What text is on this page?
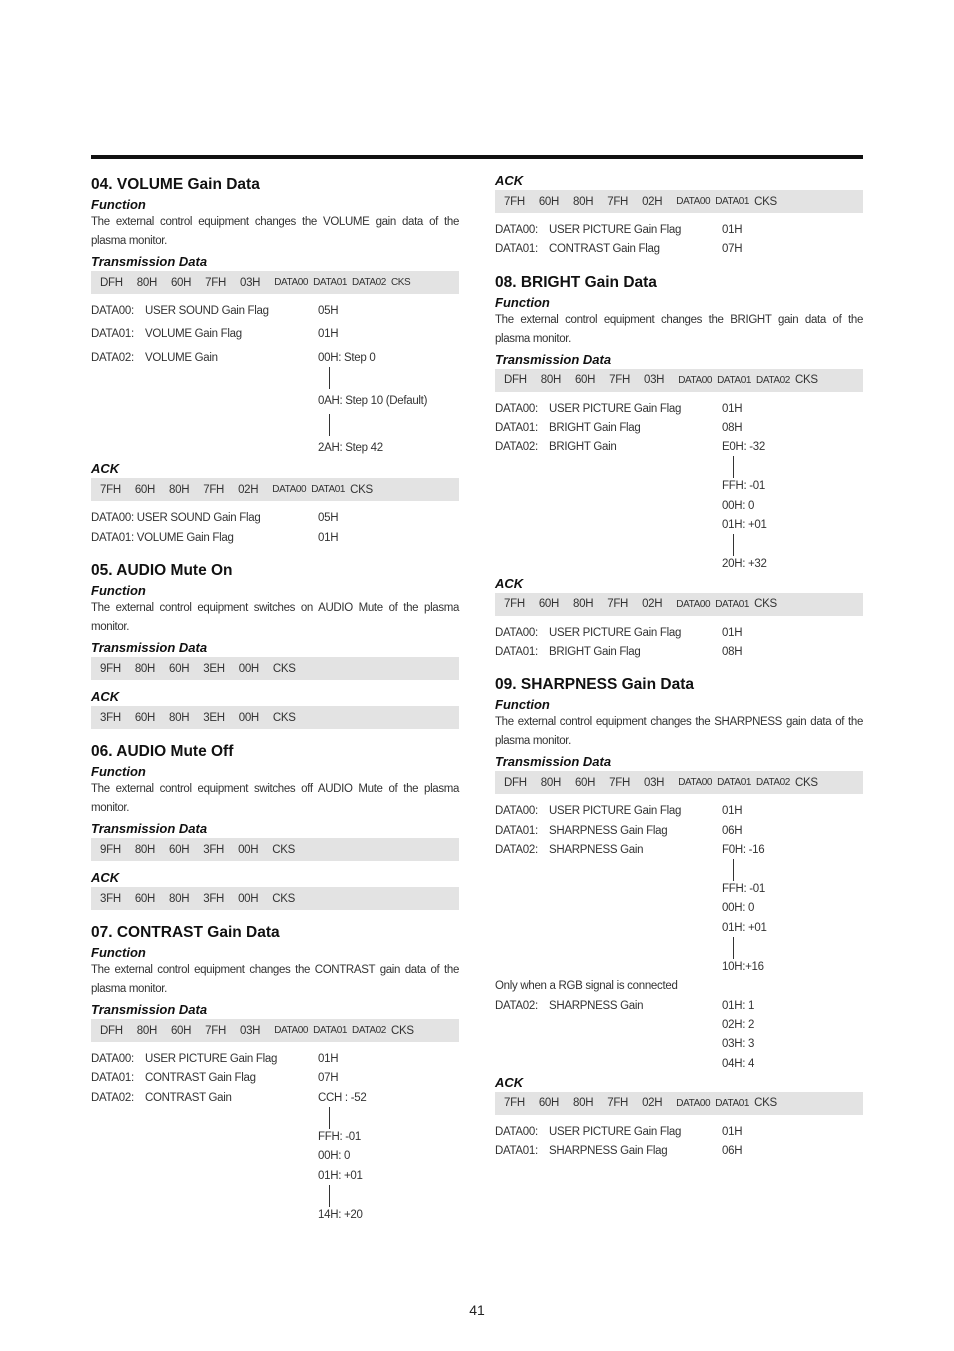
04. VOLUME Gain Data

Function

The external control equipment changes the VOLUME gain data of the plasma monitor.

Transmission Data

DFH 80H 60H 7FH 03H DATA00 DATA01 DATA02 CKS
DATA00: USER SOUND Gain Flag	05H
DATA01: VOLUME Gain Flag	01H
DATA02: VOLUME Gain	00H: Step 0
0AH: Step 10 (Default)
2AH: Step 42

ACK

7FH 60H 80H 7FH 02H DATA00 DATA01 CKS
DATA00: USER SOUND Gain Flag	05H
DATA01: VOLUME Gain Flag	01H
05. AUDIO Mute On

Function

The external control equipment switches on AUDIO Mute of the plasma monitor.

Transmission Data

9FH 80H 60H 3EH 00H CKS

ACK

3FH 60H 80H 3EH 00H CKS
06. AUDIO Mute Off

Function

The external control equipment switches off AUDIO Mute of the plasma monitor.

Transmission Data

9FH 80H 60H 3FH 00H CKS

ACK

3FH 60H 80H 3FH 00H CKS
07. CONTRAST Gain Data

Function

The external control equipment changes the CONTRAST gain data of the plasma monitor.

Transmission Data

DFH 80H 60H 7FH 03H DATA00 DATA01 DATA02 CKS
DATA00: USER PICTURE Gain Flag	01H
DATA01: CONTRAST Gain Flag	07H
DATA02: CONTRAST Gain	CCH : -52
FFH: -01
00H: 0
01H: +01
14H: +20

ACK

7FH 60H 80H 7FH 02H DATA00 DATA01 CKS
DATA00: USER PICTURE Gain Flag	01H
DATA01: CONTRAST Gain Flag	07H
08. BRIGHT Gain Data

Function

The external control equipment changes the BRIGHT gain data of the plasma monitor.

Transmission Data

DFH 80H 60H 7FH 03H DATA00 DATA01 DATA02 CKS
DATA00: USER PICTURE Gain Flag	01H
DATA01: BRIGHT Gain Flag	08H
DATA02: BRIGHT Gain	E0H: -32
FFH: -01
00H: 0
01H: +01
20H: +32

ACK

7FH 60H 80H 7FH 02H DATA00 DATA01 CKS
DATA00: USER PICTURE Gain Flag	01H
DATA01: BRIGHT Gain Flag	08H
09. SHARPNESS Gain Data

Function

The external control equipment changes the SHARPNESS gain data of the plasma monitor.

Transmission Data

DFH 80H 60H 7FH 03H DATA00 DATA01 DATA02 CKS
DATA00: USER PICTURE Gain Flag	01H
DATA01: SHARPNESS Gain Flag	06H
DATA02: SHARPNESS Gain	F0H: -16
FFH: -01
00H: 0
01H: +01
10H:+16
Only when a RGB signal is connected
DATA02: SHARPNESS Gain	01H: 1
02H: 2
03H: 3
04H: 4

ACK

7FH 60H 80H 7FH 02H DATA00 DATA01 CKS
DATA00: USER PICTURE Gain Flag	01H
DATA01: SHARPNESS Gain Flag	06H
41
